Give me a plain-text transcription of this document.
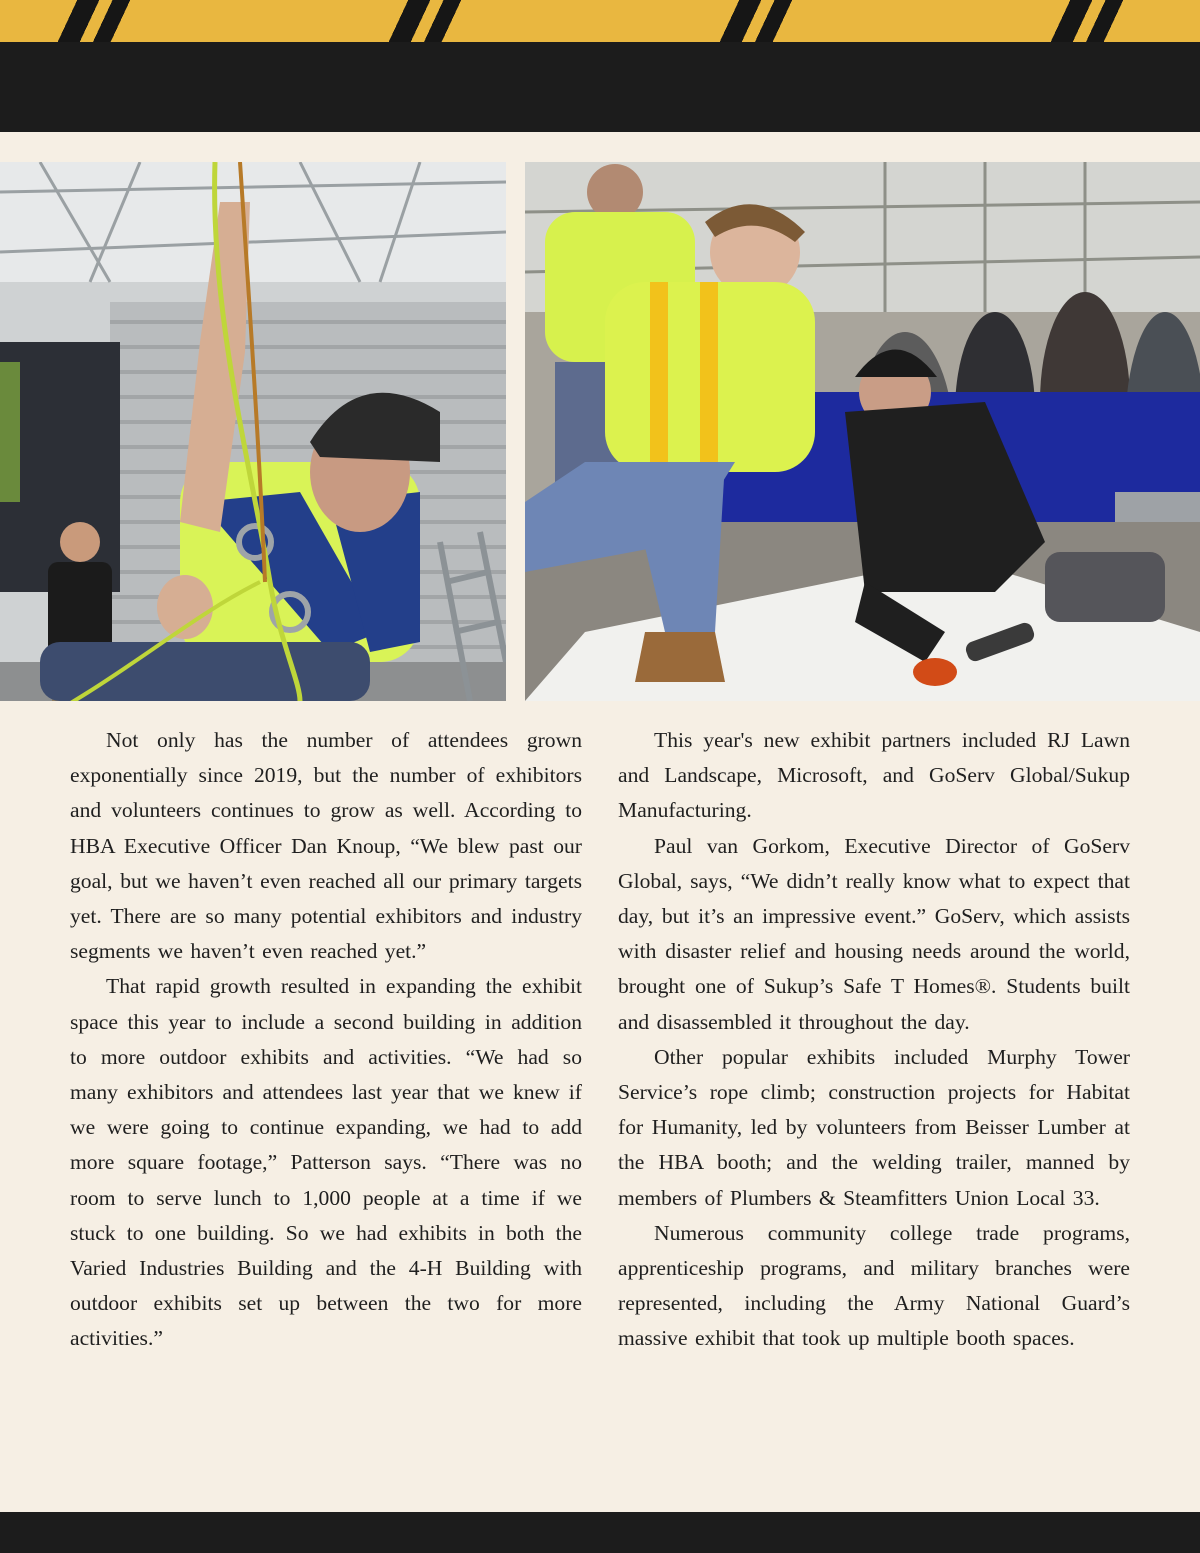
Not only has the number of attendees grown exponentially since 2019, but the number of exhibitors and volunteers continues to grow as well. According to HBA Executive Officer Dan Knoup, “We blew past our goal, but we haven’t even reached all our primary targets yet. There are so many potential exhibitors and industry segments we haven’t even reached yet.”

That rapid growth resulted in expanding the exhibit space this year to include a second building in addition to more outdoor exhibits and activities. “We had so many exhibitors and attendees last year that we knew if we were going to continue expanding, we had to add more square footage,” Patterson says. “There was no room to serve lunch to 1,000 people at a time if we stuck to one building. So we had exhibits in both the Varied Industries Building and the 4-H Building with outdoor exhibits set up between the two for more activities.”

This year's new exhibit partners included RJ Lawn and Landscape, Microsoft, and GoServ Global/Sukup Manufacturing.

Paul van Gorkom, Executive Director of GoServ Global, says, “We didn’t really know what to expect that day, but it’s an impressive event.” GoServ, which assists with disaster relief and housing needs around the world, brought one of Sukup’s Safe T Homes®. Students built and disassembled it throughout the day.

Other popular exhibits included Murphy Tower Service’s rope climb; construction projects for Habitat for Humanity, led by volunteers from Beisser Lumber at the HBA booth; and the welding trailer, manned by members of Plumbers & Steamfitters Union Local 33.

Numerous community college trade programs, apprenticeship programs, and military branches were represented, including the Army National Guard’s massive exhibit that took up multiple booth spaces.
